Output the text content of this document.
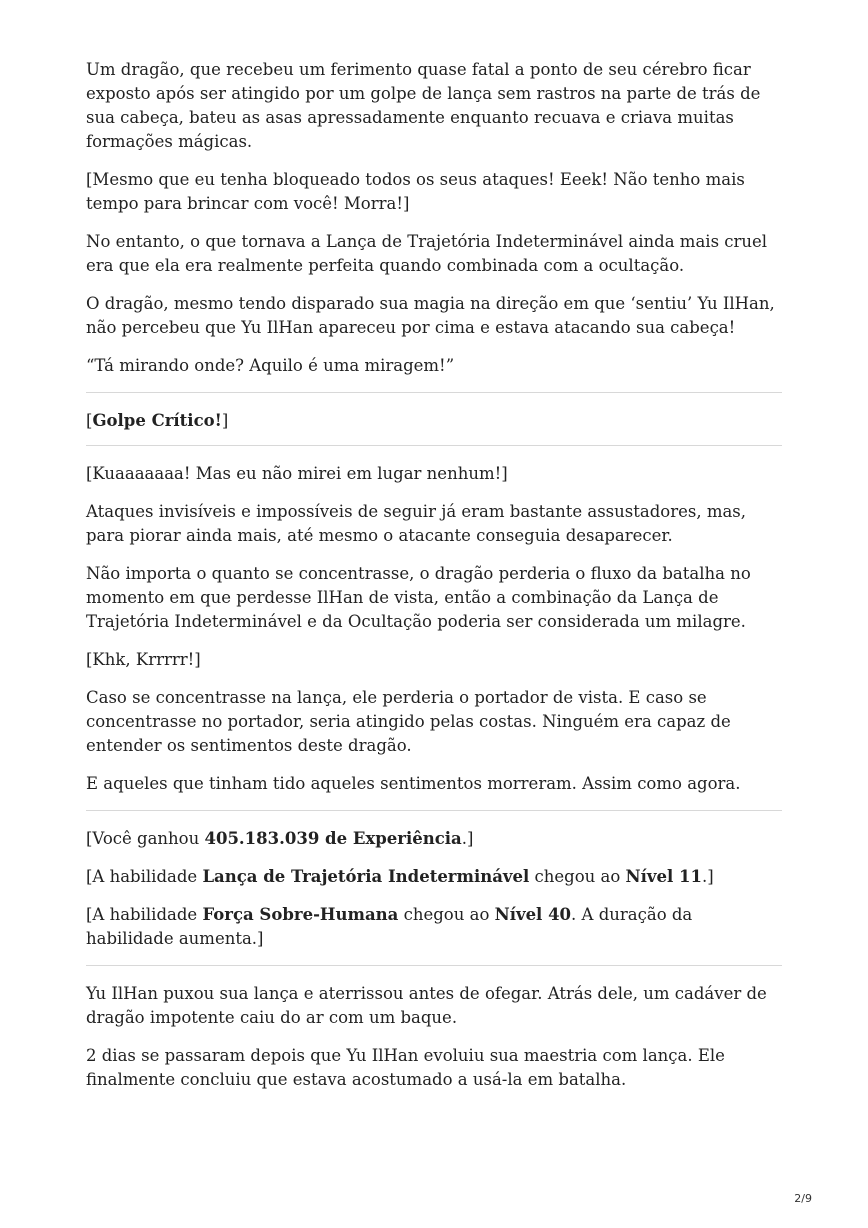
Um dragão, que recebeu um ferimento quase fatal a ponto de seu cérebro ficar exposto após ser atingido por um golpe de lança sem rastros na parte de trás de sua cabeça, bateu as asas apressadamente enquanto recuava e criava muitas formações mágicas.

[Mesmo que eu tenha bloqueado todos os seus ataques! Eeek! Não tenho mais tempo para brincar com você! Morra!]

No entanto, o que tornava a Lança de Trajetória Indeterminável ainda mais cruel era que ela era realmente perfeita quando combinada com a ocultação.

O dragão, mesmo tendo disparado sua magia na direção em que ‘sentiu’ Yu IlHan, não percebeu que Yu IlHan apareceu por cima e estava atacando sua cabeça!

“Tá mirando onde? Aquilo é uma miragem!”

[Golpe Crítico!]

[Kuaaaaaaa! Mas eu não mirei em lugar nenhum!]

Ataques invisíveis e impossíveis de seguir já eram bastante assustadores, mas, para piorar ainda mais, até mesmo o atacante conseguia desaparecer.

Não importa o quanto se concentrasse, o dragão perderia o fluxo da batalha no momento em que perdesse IlHan de vista, então a combinação da Lança de Trajetória Indeterminável e da Ocultação poderia ser considerada um milagre.

[Khk, Krrrrr!]

Caso se concentrasse na lança, ele perderia o portador de vista. E caso se concentrasse no portador, seria atingido pelas costas. Ninguém era capaz de entender os sentimentos deste dragão.

E aqueles que tinham tido aqueles sentimentos morreram. Assim como agora.

[Você ganhou 405.183.039 de Experiência.]

[A habilidade Lança de Trajetória Indeterminável chegou ao Nível 11.]

[A habilidade Força Sobre-Humana chegou ao Nível 40. A duração da habilidade aumenta.]

Yu IlHan puxou sua lança e aterrissou antes de ofegar. Atrás dele, um cadáver de dragão impotente caiu do ar com um baque.

2 dias se passaram depois que Yu IlHan evoluiu sua maestria com lança. Ele finalmente concluiu que estava acostumado a usá-la em batalha.

2/9
